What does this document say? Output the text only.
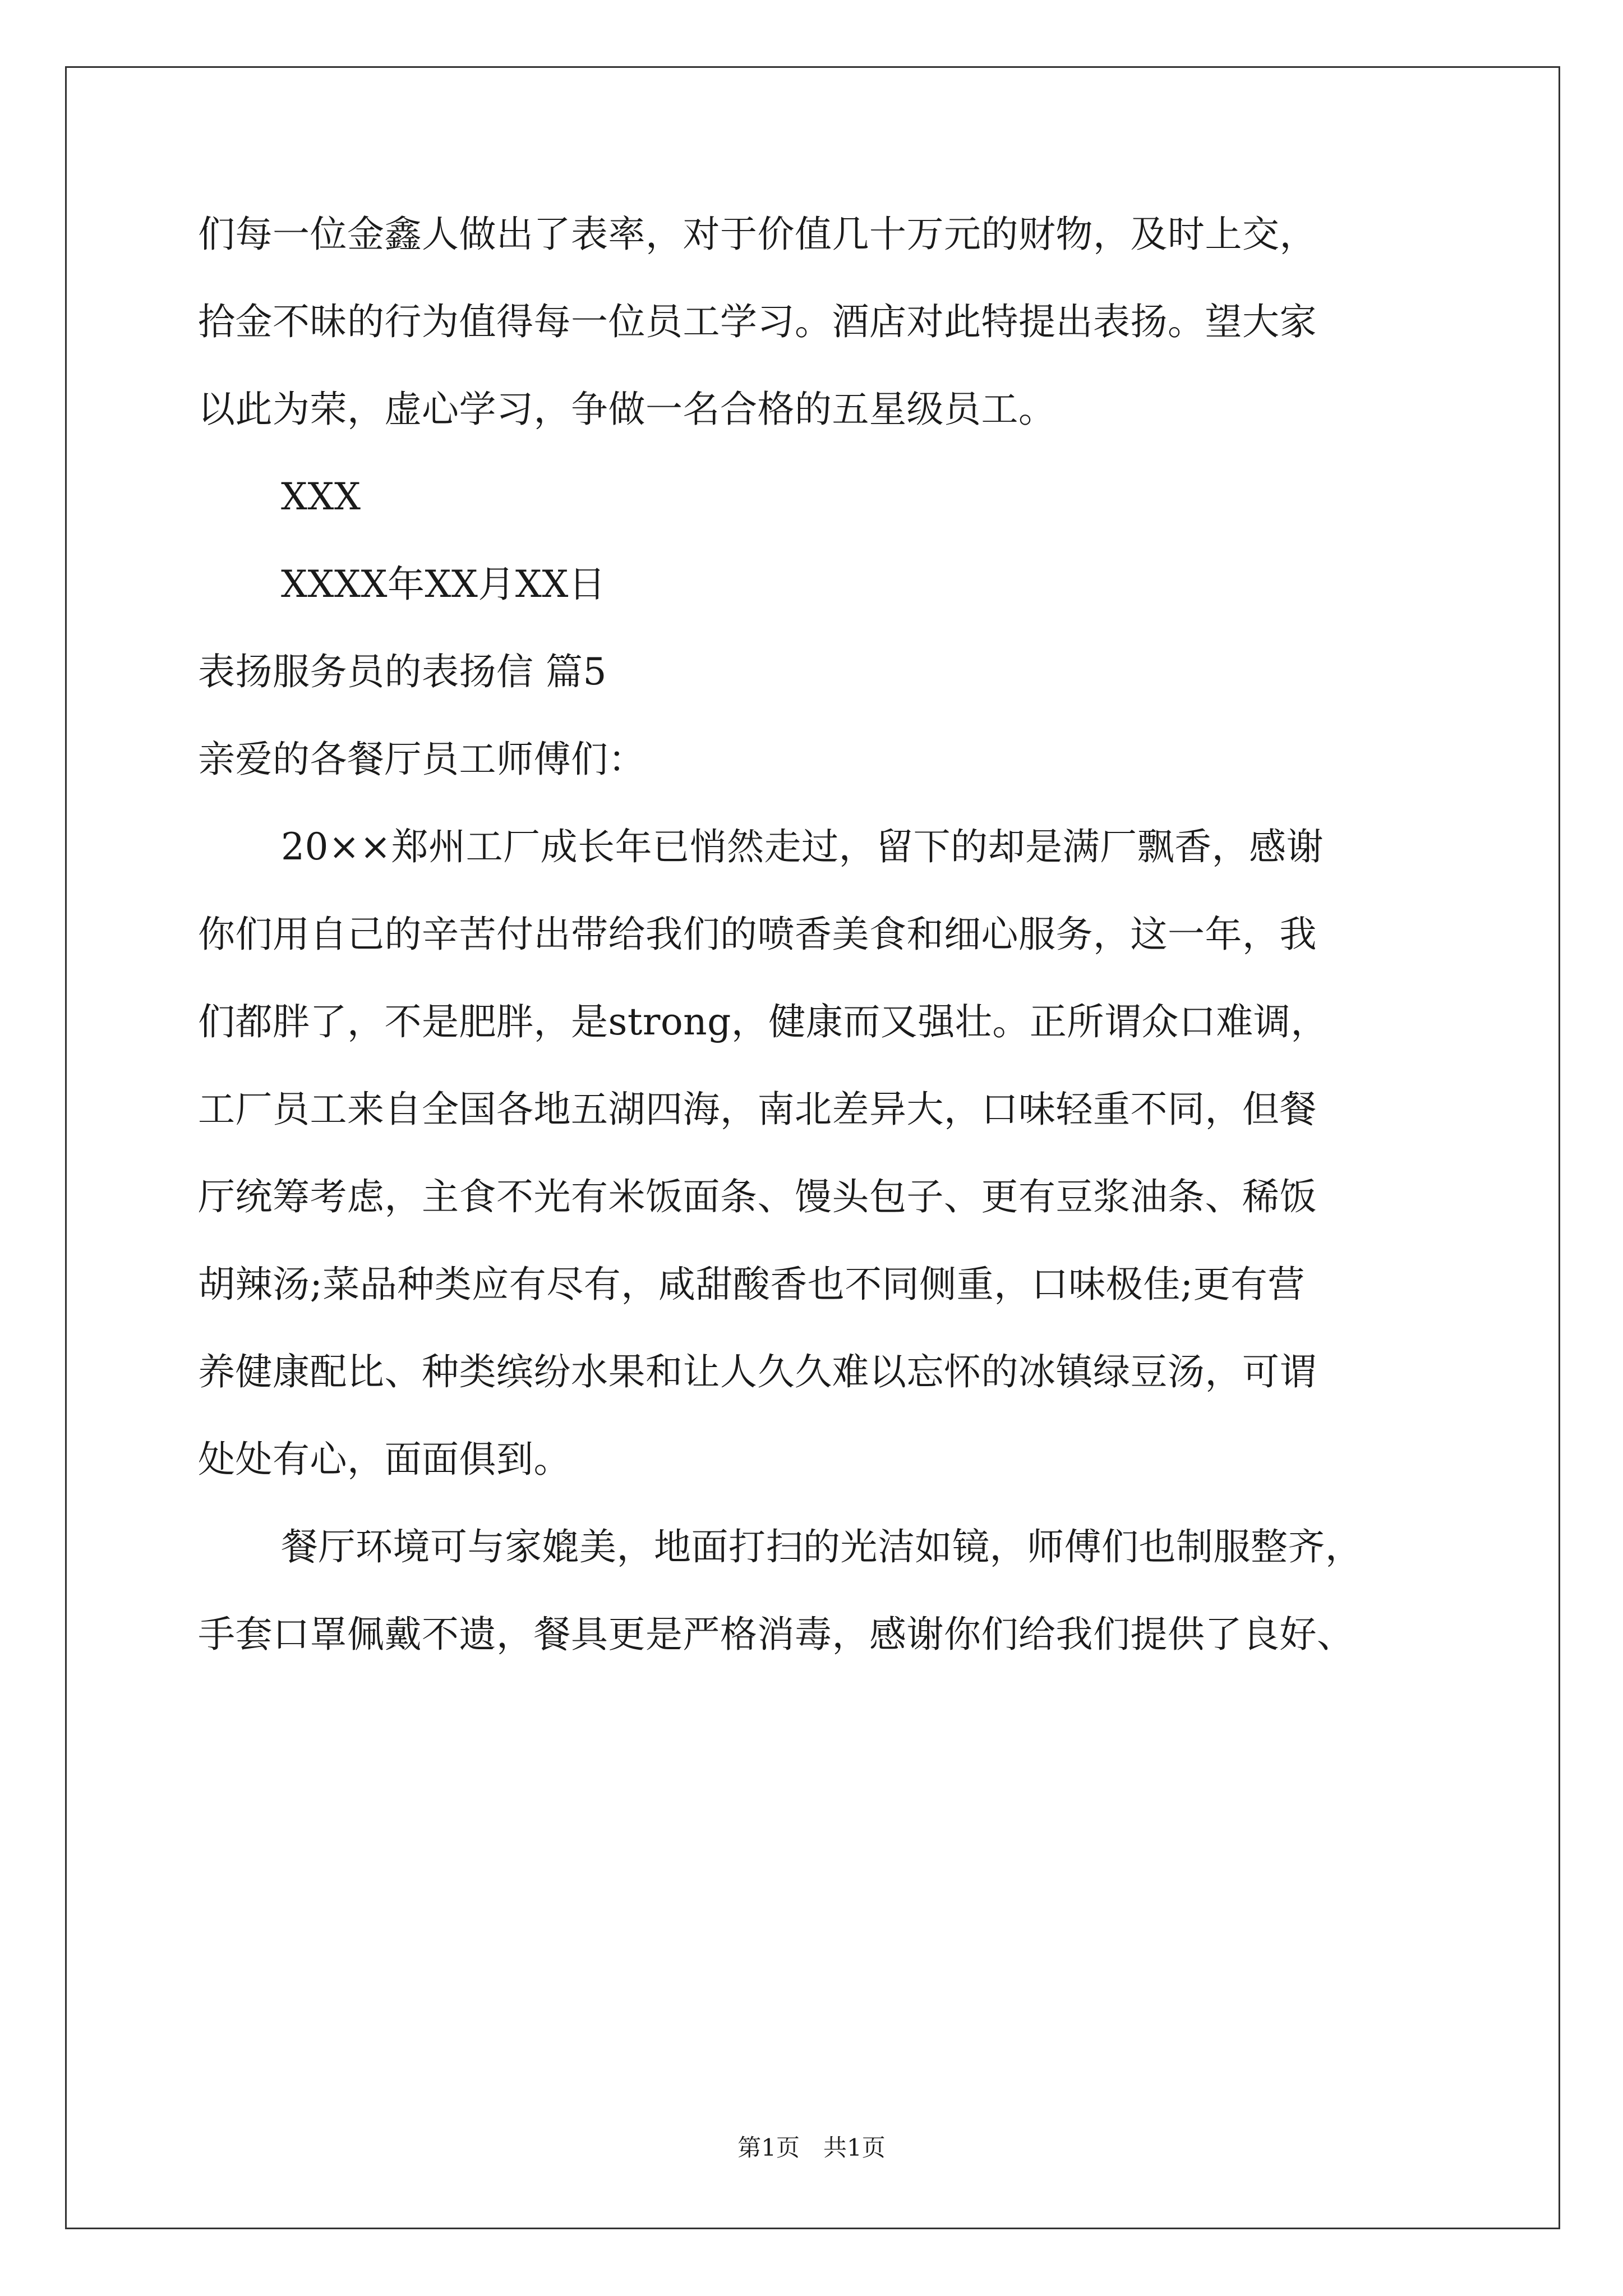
们每一位金鑫人做出了表率，对于价值几十万元的财物，及时上交，
拾金不昧的行为值得每一位员工学习。酒店对此特提出表扬。望大家
以此为荣，虚心学习，争做一名合格的五星级员工。
XXX
XXXX年XX月XX日
表扬服务员的表扬信 篇5
亲爱的各餐厅员工师傅们：
20××郑州工厂成长年已悄然走过，留下的却是满厂飘香，感谢
你们用自己的辛苦付出带给我们的喷香美食和细心服务，这一年，我
们都胖了，不是肥胖，是strong，健康而又强壮。正所谓众口难调，
工厂员工来自全国各地五湖四海，南北差异大，口味轻重不同，但餐
厅统筹考虑，主食不光有米饭面条、馒头包子、更有豆浆油条、稀饭
胡辣汤;菜品种类应有尽有，咸甜酸香也不同侧重，口味极佳;更有营
养健康配比、种类缤纷水果和让人久久难以忘怀的冰镇绿豆汤，可谓
处处有心，面面俱到。
餐厅环境可与家媲美，地面打扫的光洁如镜，师傅们也制服整齐，
手套口罩佩戴不遗，餐具更是严格消毒，感谢你们给我们提供了良好、
第1页　共1页
